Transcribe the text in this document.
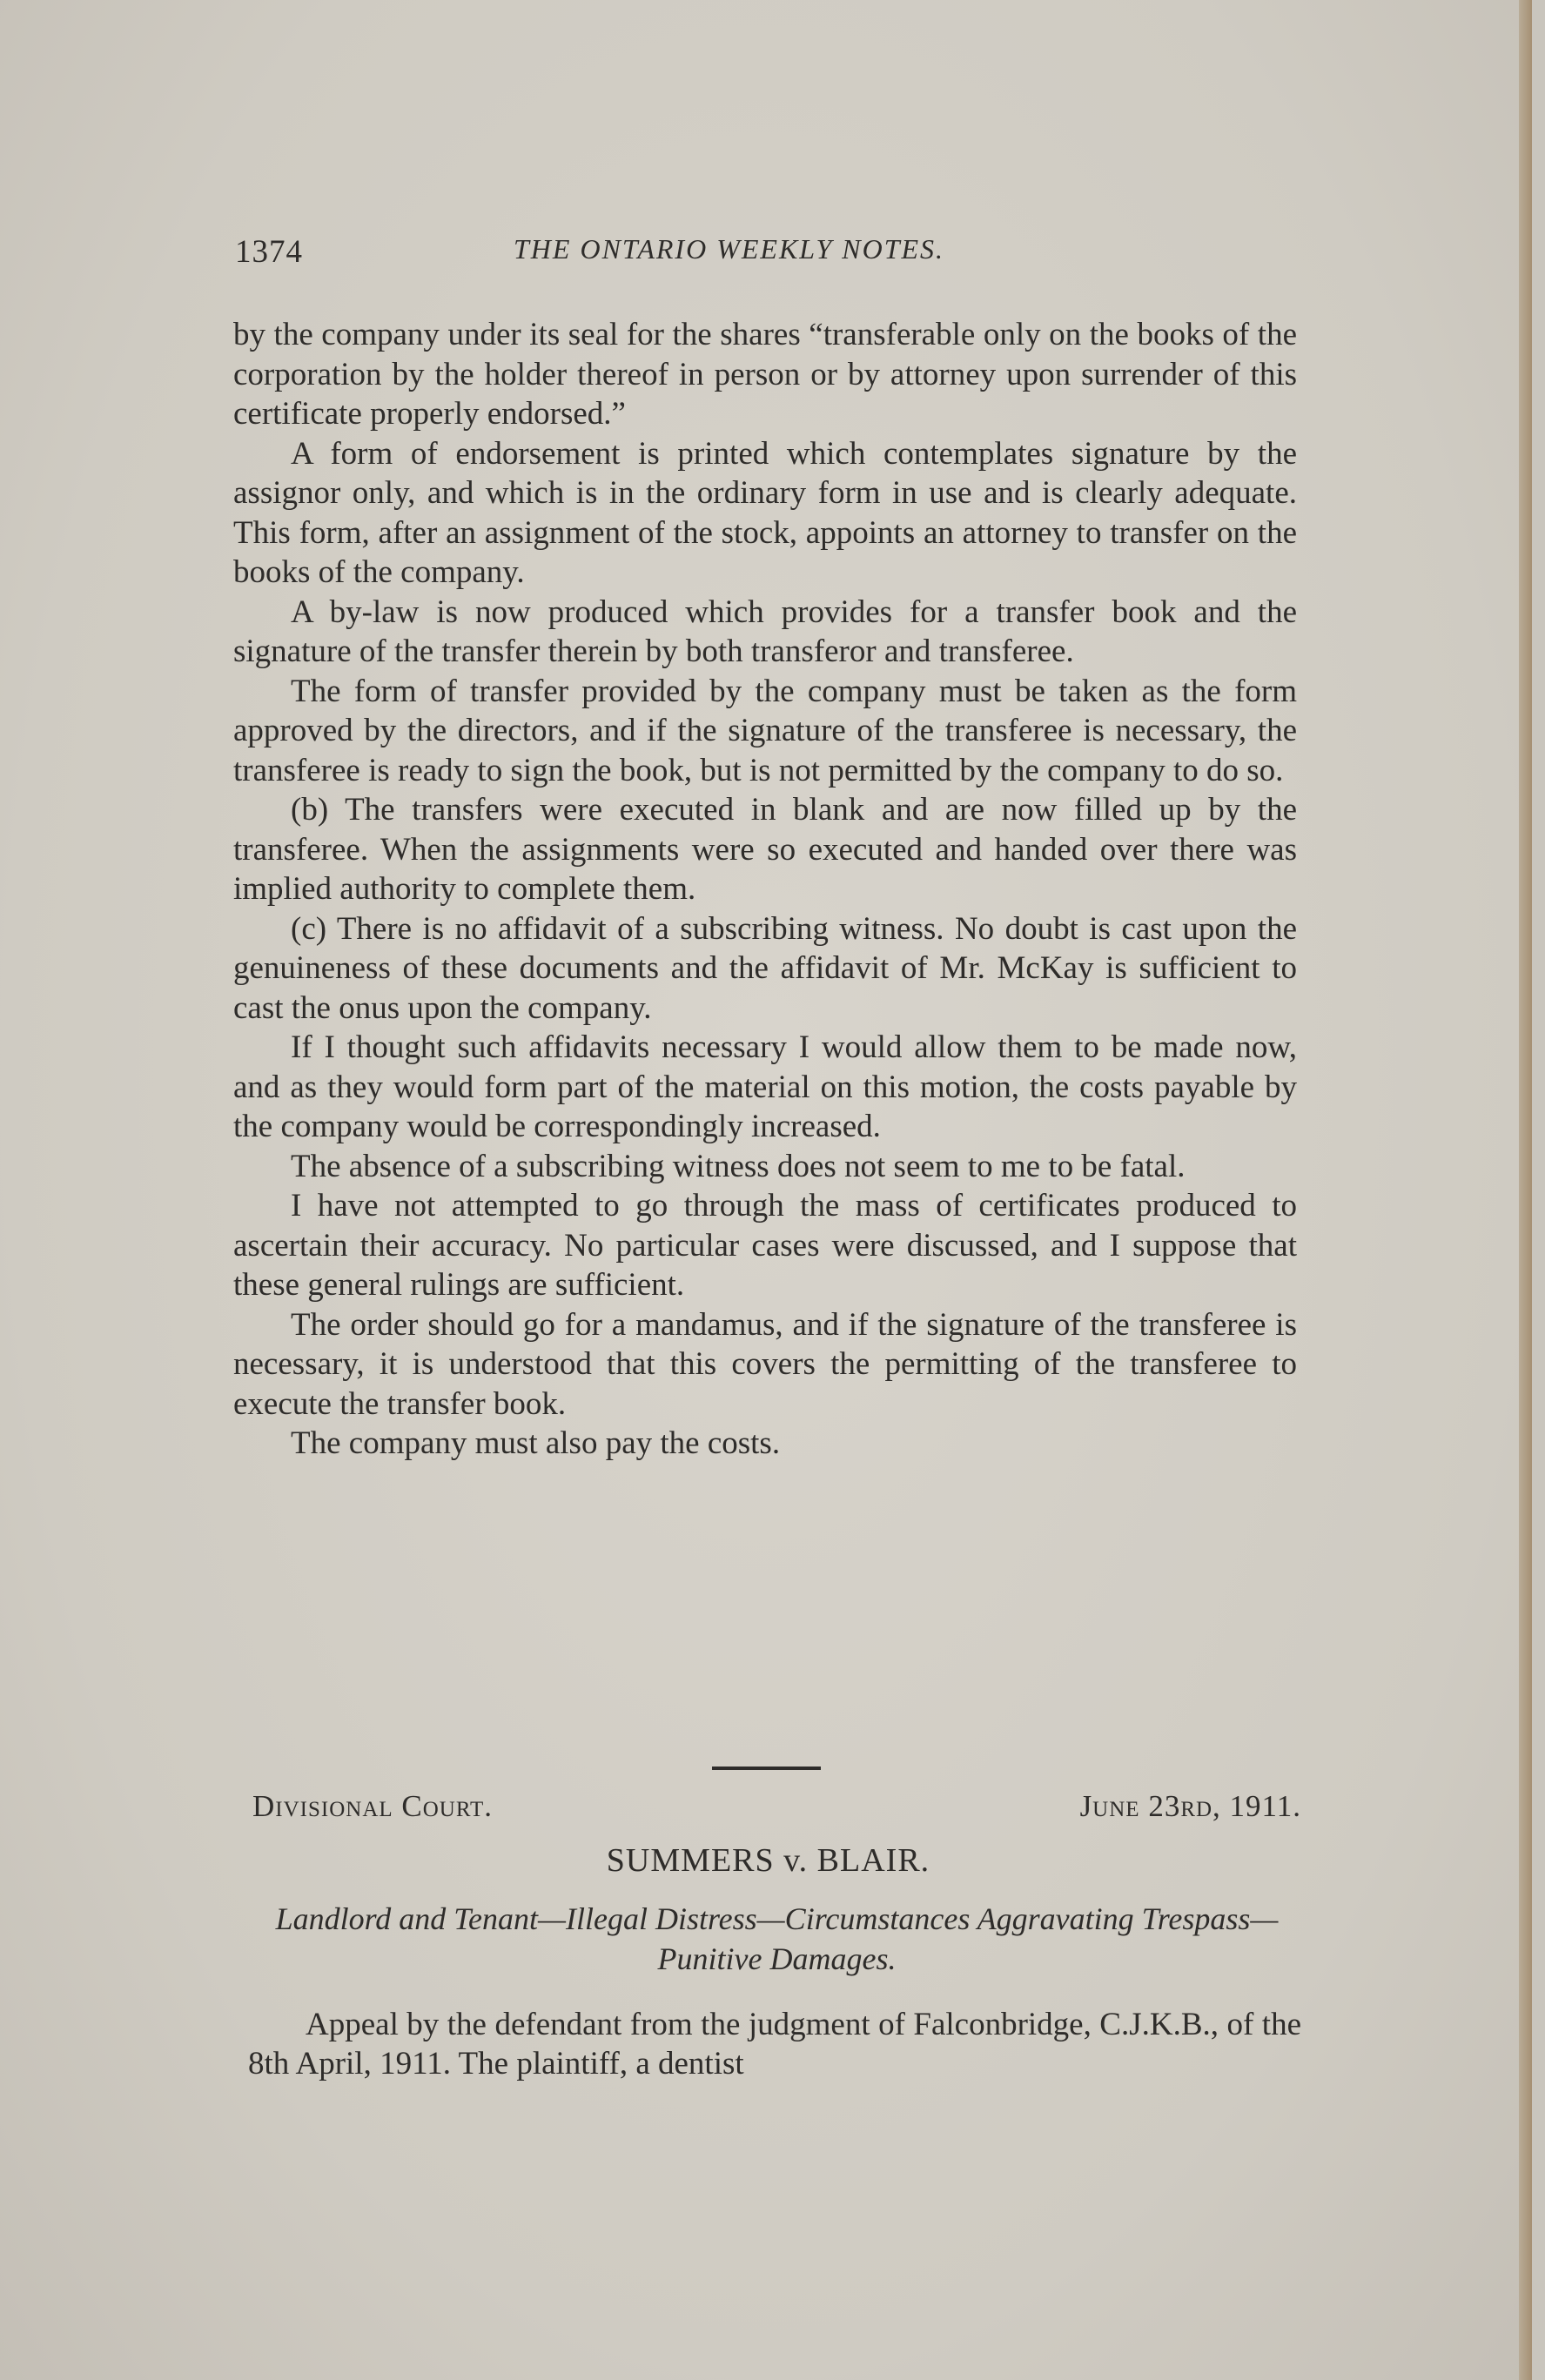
1374	THE ONTARIO WEEKLY NOTES.

by the company under its seal for the shares “transferable only on the books of the corporation by the holder thereof in person or by attorney upon surrender of this certificate properly endorsed.”

A form of endorsement is printed which contemplates signature by the assignor only, and which is in the ordinary form in use and is clearly adequate. This form, after an assignment of the stock, appoints an attorney to transfer on the books of the company.

A by-law is now produced which provides for a transfer book and the signature of the transfer therein by both transferor and transferee.

The form of transfer provided by the company must be taken as the form approved by the directors, and if the signature of the transferee is necessary, the transferee is ready to sign the book, but is not permitted by the company to do so.

(b) The transfers were executed in blank and are now filled up by the transferee. When the assignments were so executed and handed over there was implied authority to complete them.

(c) There is no affidavit of a subscribing witness. No doubt is cast upon the genuineness of these documents and the affidavit of Mr. McKay is sufficient to cast the onus upon the company.

If I thought such affidavits necessary I would allow them to be made now, and as they would form part of the material on this motion, the costs payable by the company would be correspondingly increased.

The absence of a subscribing witness does not seem to me to be fatal.

I have not attempted to go through the mass of certificates produced to ascertain their accuracy. No particular cases were discussed, and I suppose that these general rulings are sufficient.

The order should go for a mandamus, and if the signature of the transferee is necessary, it is understood that this covers the permitting of the transferee to execute the transfer book.

The company must also pay the costs.

Divisional Court.	June 23rd, 1911.
SUMMERS v. BLAIR.
Landlord and Tenant—Illegal Distress—Circumstances Aggravating Trespass—Punitive Damages.

Appeal by the defendant from the judgment of Falconbridge, C.J.K.B., of the 8th April, 1911. The plaintiff, a dentist
